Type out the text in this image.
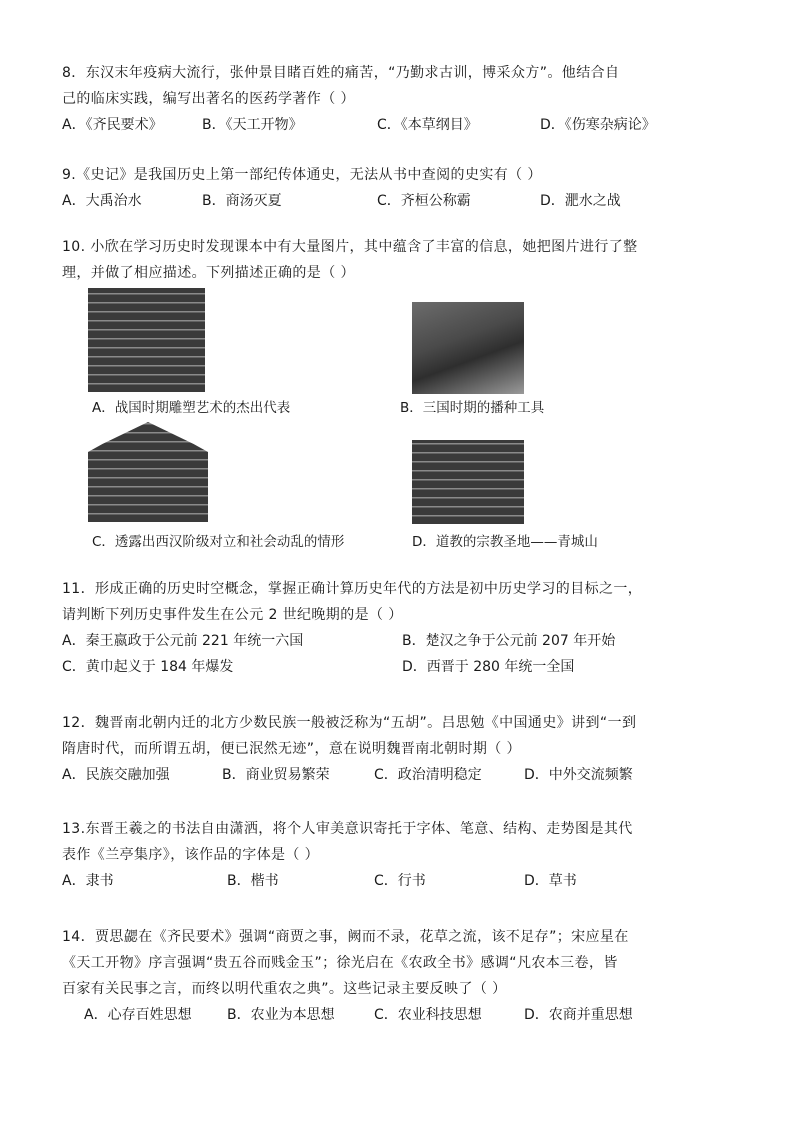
8．东汉末年疫病大流行，张仲景目睹百姓的痛苦，“乃勤求古训，博采众方”。他结合自
己的临床实践，编写出著名的医药学著作（ ）
A．《齐民要术》	B．《天工开物》	C．《本草纲目》	D．《伤寒杂病论》
9.《史记》是我国历史上第一部纪传体通史，无法从书中查阅的史实有（ ）
A．大禹治水	B．商汤灭夏	C．齐桓公称霸	D．淝水之战
10. 小欣在学习历史时发现课本中有大量图片，其中蕴含了丰富的信息，她把图片进行了整
理，并做了相应描述。下列描述正确的是（ ）
A．战国时期雕塑艺术的杰出代表	B．三国时期的播种工具
C．透露出西汉阶级对立和社会动乱的情形	D．道教的宗教圣地——青城山
11．形成正确的历史时空概念，掌握正确计算历史年代的方法是初中历史学习的目标之一，
请判断下列历史事件发生在公元 2 世纪晚期的是（ ）
A．秦王嬴政于公元前 221 年统一六国	B．楚汉之争于公元前 207 年开始
C．黄巾起义于 184 年爆发	D．西晋于 280 年统一全国
12．魏晋南北朝内迁的北方少数民族一般被泛称为“五胡”。吕思勉《中国通史》讲到“一到
隋唐时代，而所谓五胡，便已泯然无迹”，意在说明魏晋南北朝时期（ ）
A．民族交融加强	B．商业贸易繁荣	C．政治清明稳定	D．中外交流频繁
13.东晋王羲之的书法自由潇洒，将个人审美意识寄托于字体、笔意、结构、走势图是其代
表作《兰亭集序》，该作品的字体是（ ）
A．隶书	B．楷书	C．行书	D．草书
14．贾思勰在《齐民要术》强调“商贾之事，阙而不录，花草之流，该不足存”；宋应星在
《天工开物》序言强调“贵五谷而贱金玉”；徐光启在《农政全书》感调“凡农本三卷，皆
百家有关民事之言，而终以明代重农之典”。这些记录主要反映了（ ）
A．心存百姓思想	B．农业为本思想	C．农业科技思想	D．农商并重思想
